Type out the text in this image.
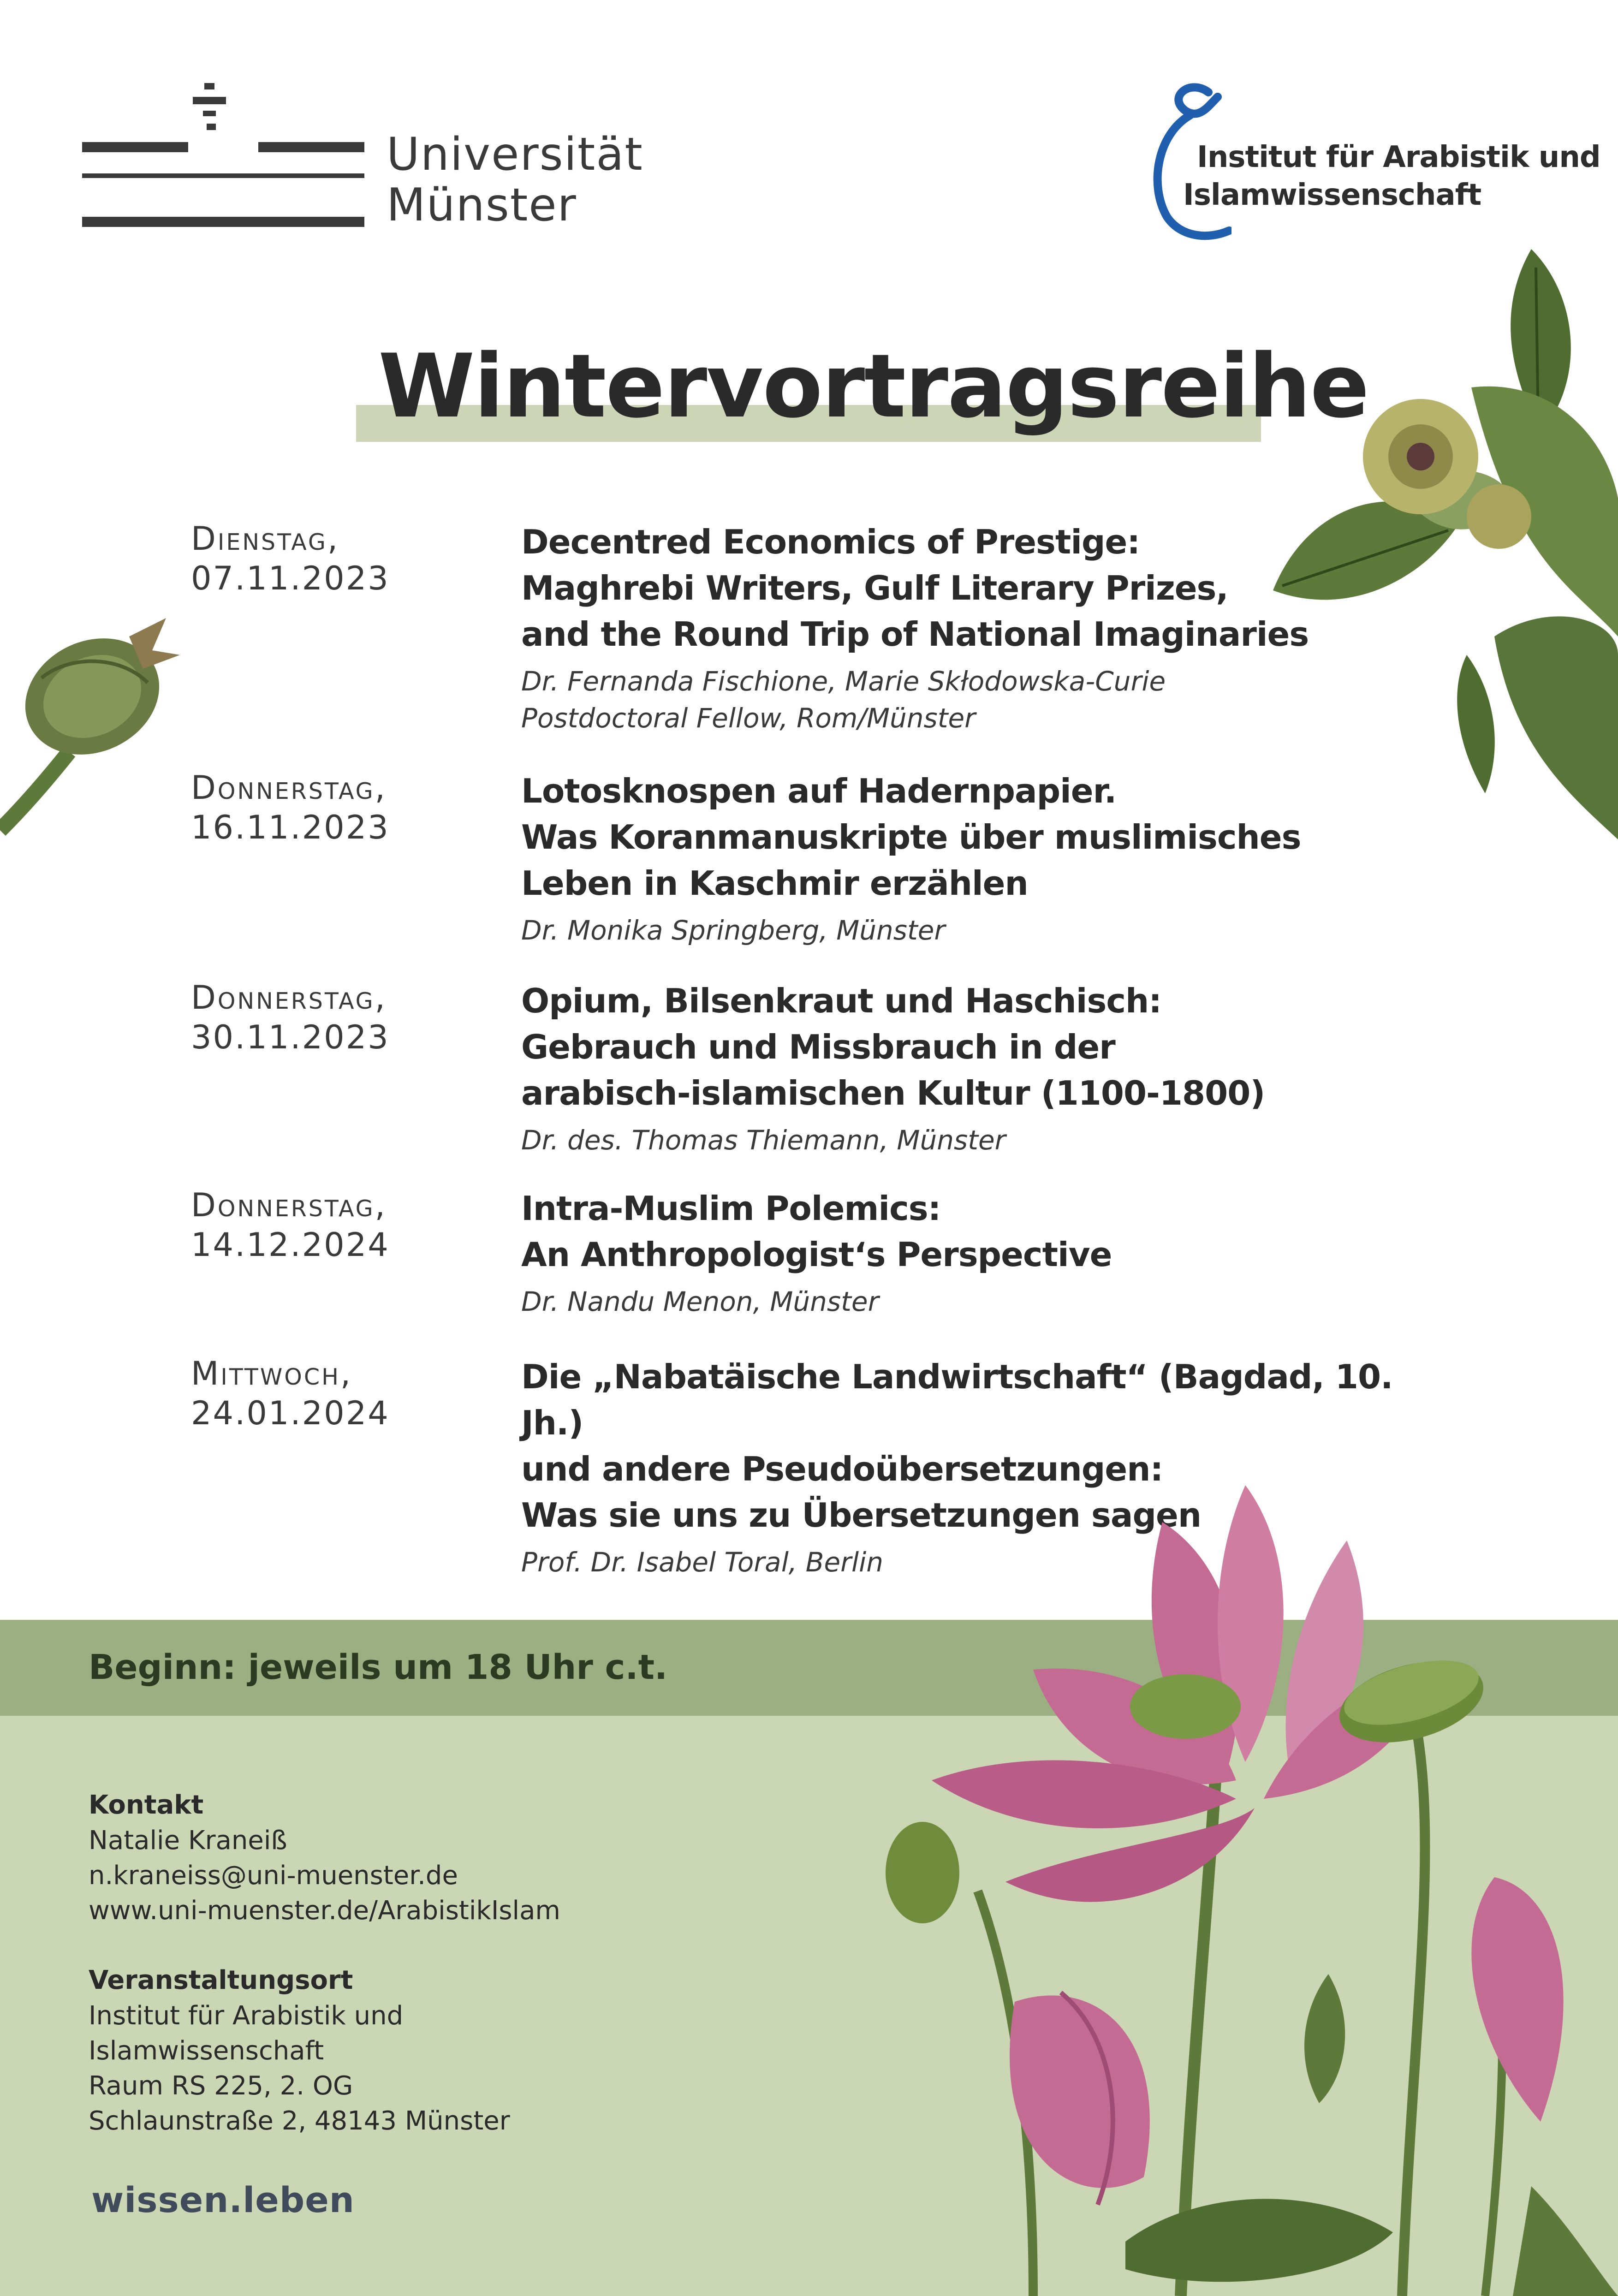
Universität
Münster
Institut für Arabistik und
Islamwissenschaft
Wintervortragsreihe
Dienstag,
07.11.2023
Decentred Economics of Prestige:
Maghrebi Writers, Gulf Literary Prizes,
and the Round Trip of National Imaginaries
Dr. Fernanda Fischione, Marie Skłodowska-Curie
Postdoctoral Fellow, Rom/Münster
Donnerstag,
16.11.2023
Lotosknospen auf Hadernpapier.
Was Koranmanuskripte über muslimisches
Leben in Kaschmir erzählen
Dr. Monika Springberg, Münster
Donnerstag,
30.11.2023
Opium, Bilsenkraut und Haschisch:
Gebrauch und Missbrauch in der
arabisch-islamischen Kultur (1100-1800)
Dr. des. Thomas Thiemann, Münster
Donnerstag,
14.12.2024
Intra-Muslim Polemics:
An Anthropologist‘s Perspective
Dr. Nandu Menon, Münster
Mittwoch,
24.01.2024
Die „Nabatäische Landwirtschaft“ (Bagdad, 10. Jh.)
und andere Pseudoübersetzungen:
Was sie uns zu Übersetzungen sagen
Prof. Dr. Isabel Toral, Berlin
Beginn: jeweils um 18 Uhr c.t.
Kontakt
Natalie Kraneiß
n.kraneiss@uni-muenster.de
www.uni-muenster.de/ArabistikIslam
Veranstaltungsort
Institut für Arabistik und
Islamwissenschaft
Raum RS 225, 2. OG
Schlaunstraße 2, 48143 Münster
wissen.leben
